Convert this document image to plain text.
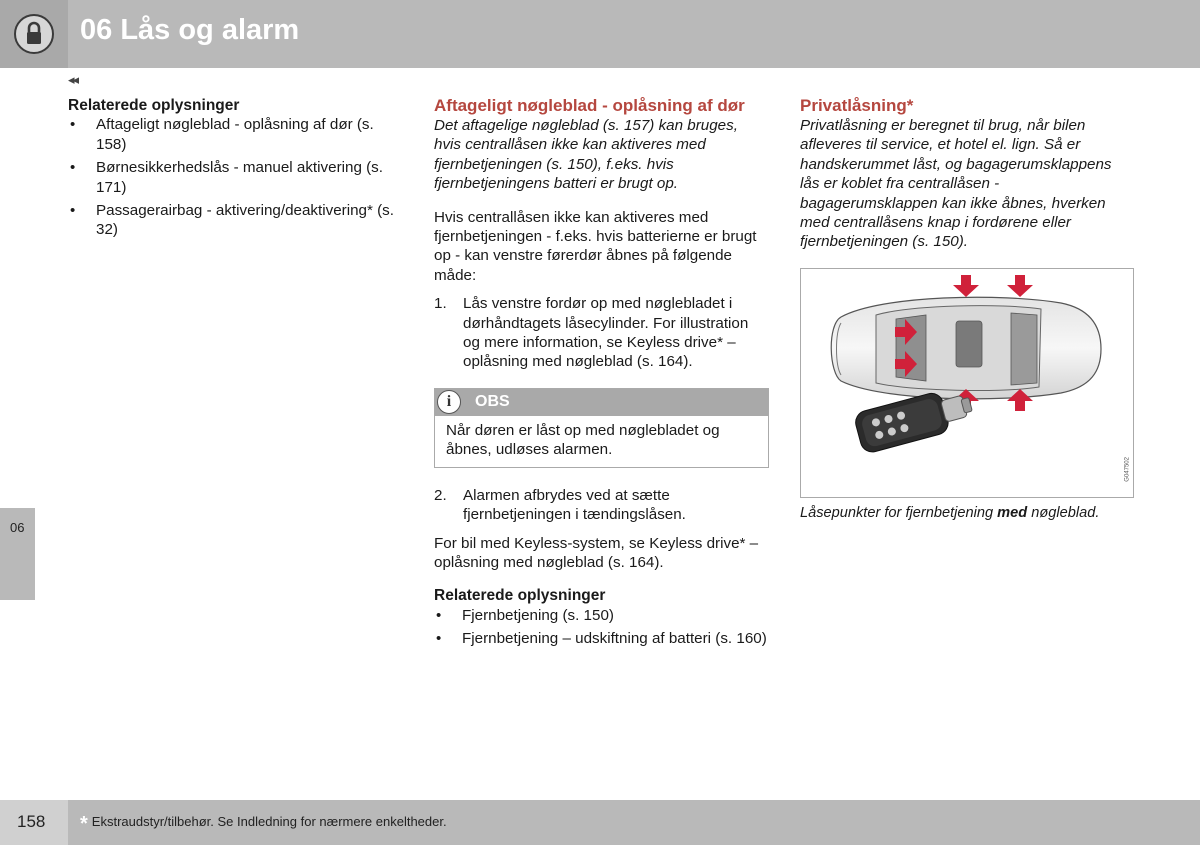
06 Lås og alarm
◂◂
06
Relaterede oplysninger
• Aftageligt nøgleblad - oplåsning af dør (s. 158)
• Børnesikkerhedslås - manuel aktivering (s. 171)
• Passagerairbag - aktivering/deaktivering* (s. 32)
Aftageligt nøgleblad - oplåsning af dør

Det aftagelige nøgleblad (s. 157) kan bruges, hvis centrallåsen ikke kan aktiveres med fjernbetjeningen (s. 150), f.eks. hvis fjernbetjeningens batteri er brugt op.

Hvis centrallåsen ikke kan aktiveres med fjernbetjeningen - f.eks. hvis batterierne er brugt op - kan venstre førerdør åbnes på følgende måde:

1. Lås venstre fordør op med nøglebladet i dørhåndtagets låsecylinder. For illustration og mere information, se Keyless drive* – oplåsning med nøgleblad (s. 164).
i	OBS
Når døren er låst op med nøglebladet og åbnes, udløses alarmen.
2. Alarmen afbrydes ved at sætte fjernbetjeningen i tændingslåsen.

For bil med Keyless-system, se Keyless drive* – oplåsning med nøgleblad (s. 164).

Relaterede oplysninger
• Fjernbetjening (s. 150)
• Fjernbetjening – udskiftning af batteri (s. 160)
Privatlåsning*

Privatlåsning er beregnet til brug, når bilen afleveres til service, et hotel el. lign. Så er handskerummet låst, og bagagerumsklappens lås er koblet fra centrallåsen - bagagerumsklappen kan ikke åbnes, hverken med centrallåsens knap i fordørene eller fjernbetjeningen (s. 150).

G047502

Låsepunkter for fjernbetjening med nøgleblad.

158 * Ekstraudstyr/tilbehør. Se Indledning for nærmere enkeltheder.
